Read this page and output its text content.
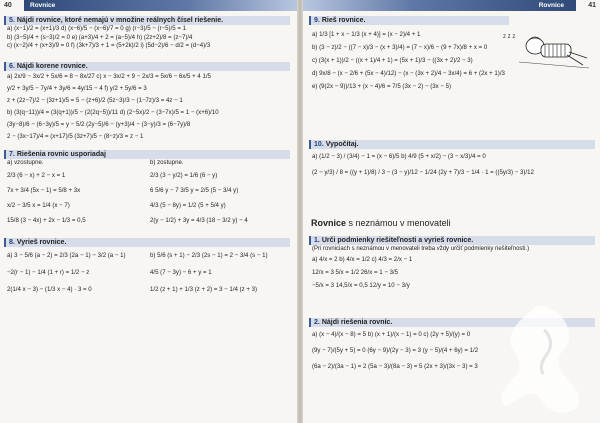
40	Rovnice
5. Nájdi rovnice, ktoré nemajú v množine reálnych čísel riešenie.
a) (x−1)/2 = (x+1)/3 d) (x−6)/5 − (x−6)/7 = 0 g) (r−3)/5 − (r−5)/5 = 1
b) (3−5)/4 + (s−3)/2 = 0 e) (a+3)/4 + 2 = (a−5)/4 h) (2z+2)/8 = (z−7)/4
c) (x−2)/4 + (x+3)/9 = 0 f) (3k+7)/3 + 1 = (5+2k)/2 i) (5d−2)/6 − d/2 = (d−4)/3
6. Nájdi korene rovnice.
a) 2x/9 − 3x/2 + 5x/6 = 8 − 8x/27 c) x − 3x/2 + 9 − 2x/3 = 5x/6 − 6x/5 + 4 1/5
y/2 + 3y/5 − 7y/4 + 3y/6 = 4y/15 − 4 f) y/2 + 5y/6 = 3
z + (2z−7)/2 − (3z+1)/5 = 5 − (z+6)/2 (5z−3)/3 − (1−7z)/3 = 4z − 1
b) (3(q−11))/4 = (3(q+1))/5 − (2(2q−5))/11 d) (2−5x)/2 − (3−7x)/5 = 1 − (x+6)/10
(3y−8)/6 − (6−3y)/5 = y − 5/2 (2y−5)/6 − (y+3)/4 − (3−y)/3 = (6−7y)/8
2 − (3x−17)/4 = (x+17)/5 (3z+7)/5 − (8−z)/3 = z − 1
7. Riešenia rovnic usporiadaj
a) vzostupne.
2/3 (6 − x) + 2 − x = 1
7x + 3/4 (5x − 1) = 5/8 + 3x
x/2 − 3/5 x = 1/4 (x − 7)
15/8 (3 − 4x) + 2x − 1/3 = 0,5
b) zostupne.
2/3 (3 − y/2) = 1/6 (6 − y)
6 5/6 y − 7 3/5 y = 2/5 (5 − 3/4 y)
4/3 (5 − 8y) = 1/2 (5 + 5/4 y)
2(y − 1/2) + 3y = 4/3 (18 − 3/2 y) − 4
8. Vyrieš rovnice.
a) 3 − 5/6 (a − 2) = 2/3 (2a − 1) − 3/2 (a − 1)
−2(r − 1) − 1/4 (1 + r) = 1/2 − z
2(1/4 x − 3) − (1/3 x − 4) · 3 = 0
b) 5/6 (s + 1) − 2/3 (2s − 1) = 2 − 3/4 (s − 1)
4/5 (7 − 3y) − 6 + y = 1
1/2 (z + 1) + 1/3 (z + 2) = 3 − 1/4 (z + 3)
Rovnice	41
9. Rieš rovnice.
a) 1/3 [1 + x − 1/3 (x + 4)] = (x − 2)/4 + 1
b) (3 − z)/2 − ((7 − x)/3 − (x + 3)/4) = (7 − x)/6 − (9 + 7x)/8 + x = 0
c) (3(x + 1))/2 − ((x + 1)/4 + 1) = (5x + 1)/3 − ((3x + 2)/2 − 3)
d) 9x/8 − (x − 2/6 + (5x − 4)/12) − (x − (3x + 2)/4 − 3x/4) = 6 + (2x + 1)/3
e) (9(2x − 9))/13 + (x − 4)/6 = 7/5 (3x − 2) − (3x − 5)
z z z
10. Vypočítaj.
a) (1/2 − 3) / (3/4) − 1 = (x − 6)/5 b) 4/9 (5 + x/2) − (3 − x/3)/4 = 0
(2 − y/3) / 8 = ((y + 1)/8) / 3 − (3 − y)/12 − 1/24 (2y + 7)/3 − 1/4 · 1 = ((5y/3) − 3)/12
Rovnice s neznámou v menovateli
1. Urči podmienky riešiteľnosti a vyrieš rovnice.
(Pri rovniciach s neznámou v menovateli treba vždy určiť podmienky riešiteľnosti.)
a) 4/x = 2 b) 4/x = 1/2 c) 4/3 = 2/x − 1
12/x = 3 5/x = 1/2 26/x = 1 − 3/5
−5/x = 3 14,5/x = 0,5 12/y = 10 − 3/y
2. Nájdi riešenia rovníc.
a) (x − 4)/(x − 8) = 5 b) (x + 1)/(x − 1) = 0 c) (2y + 5)/(y) = 0
(9y − 7)/(5y + 5) = 0 (6y − 9)/(2y − 3) = 3 (y − 5)/(4 + 6y) = 1/2
(6a − 2)/(3a − 1) = 2 (5a − 3)/(8a − 3) = 5 (2x + 3)/(3x − 3) = 3
